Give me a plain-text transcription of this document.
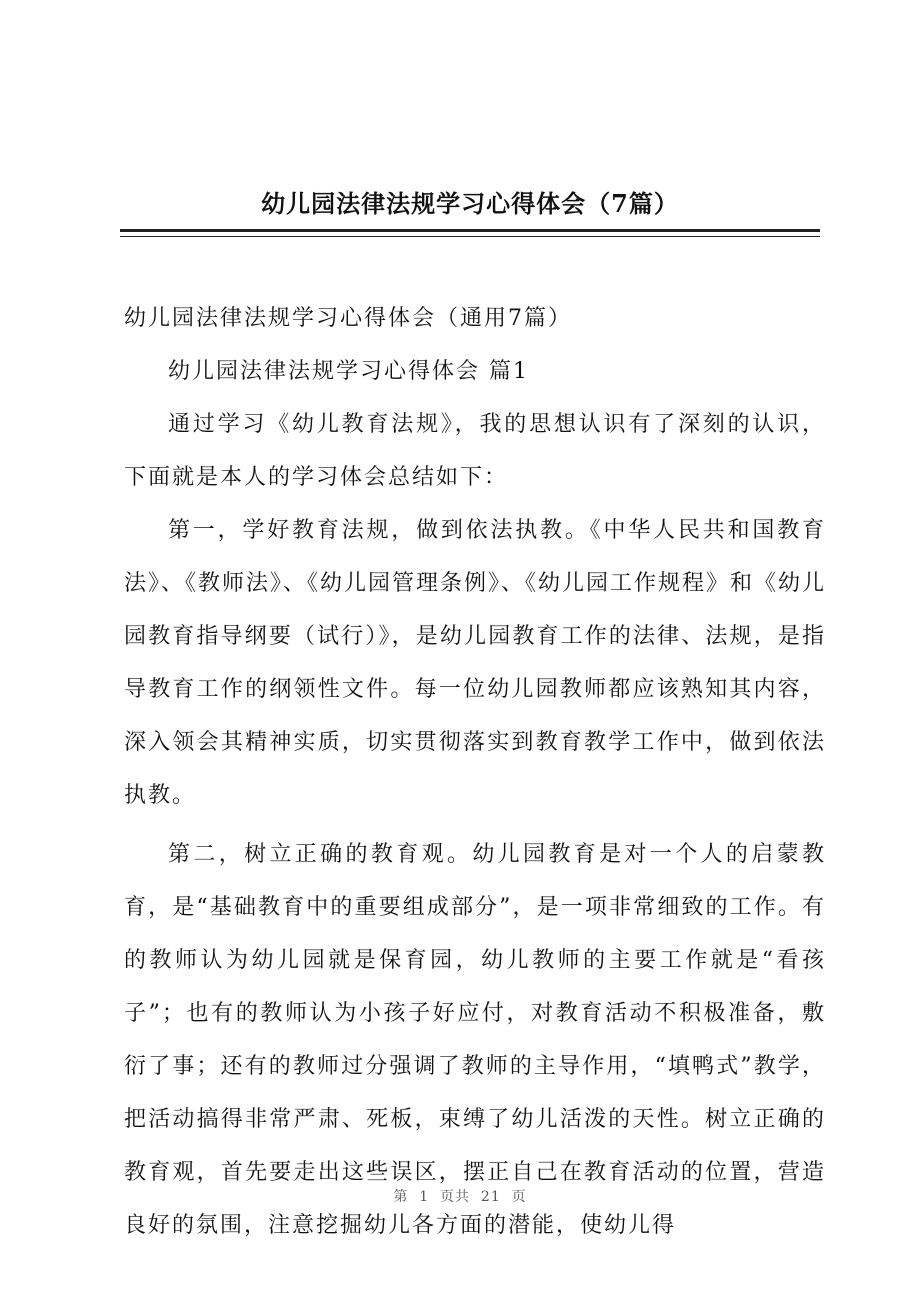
幼儿园法律法规学习心得体会（7篇）

幼儿园法律法规学习心得体会（通用7篇）

幼儿园法律法规学习心得体会 篇1

通过学习《幼儿教育法规》，我的思想认识有了深刻的认识，下面就是本人的学习体会总结如下：

第一，学好教育法规，做到依法执教。《中华人民共和国教育法》、《教师法》、《幼儿园管理条例》、《幼儿园工作规程》和《幼儿园教育指导纲要（试行）》，是幼儿园教育工作的法律、法规，是指导教育工作的纲领性文件。每一位幼儿园教师都应该熟知其内容，深入领会其精神实质，切实贯彻落实到教育教学工作中，做到依法执教。

第二，树立正确的教育观。幼儿园教育是对一个人的启蒙教育，是“基础教育中的重要组成部分”，是一项非常细致的工作。有的教师认为幼儿园就是保育园，幼儿教师的主要工作就是“看孩子”；也有的教师认为小孩子好应付，对教育活动不积极准备，敷衍了事；还有的教师过分强调了教师的主导作用，“填鸭式”教学，把活动搞得非常严肃、死板，束缚了幼儿活泼的天性。树立正确的教育观，首先要走出这些误区，摆正自己在教育活动的位置，营造良好的氛围，注意挖掘幼儿各方面的潜能，使幼儿得

第  1  页共  21  页
